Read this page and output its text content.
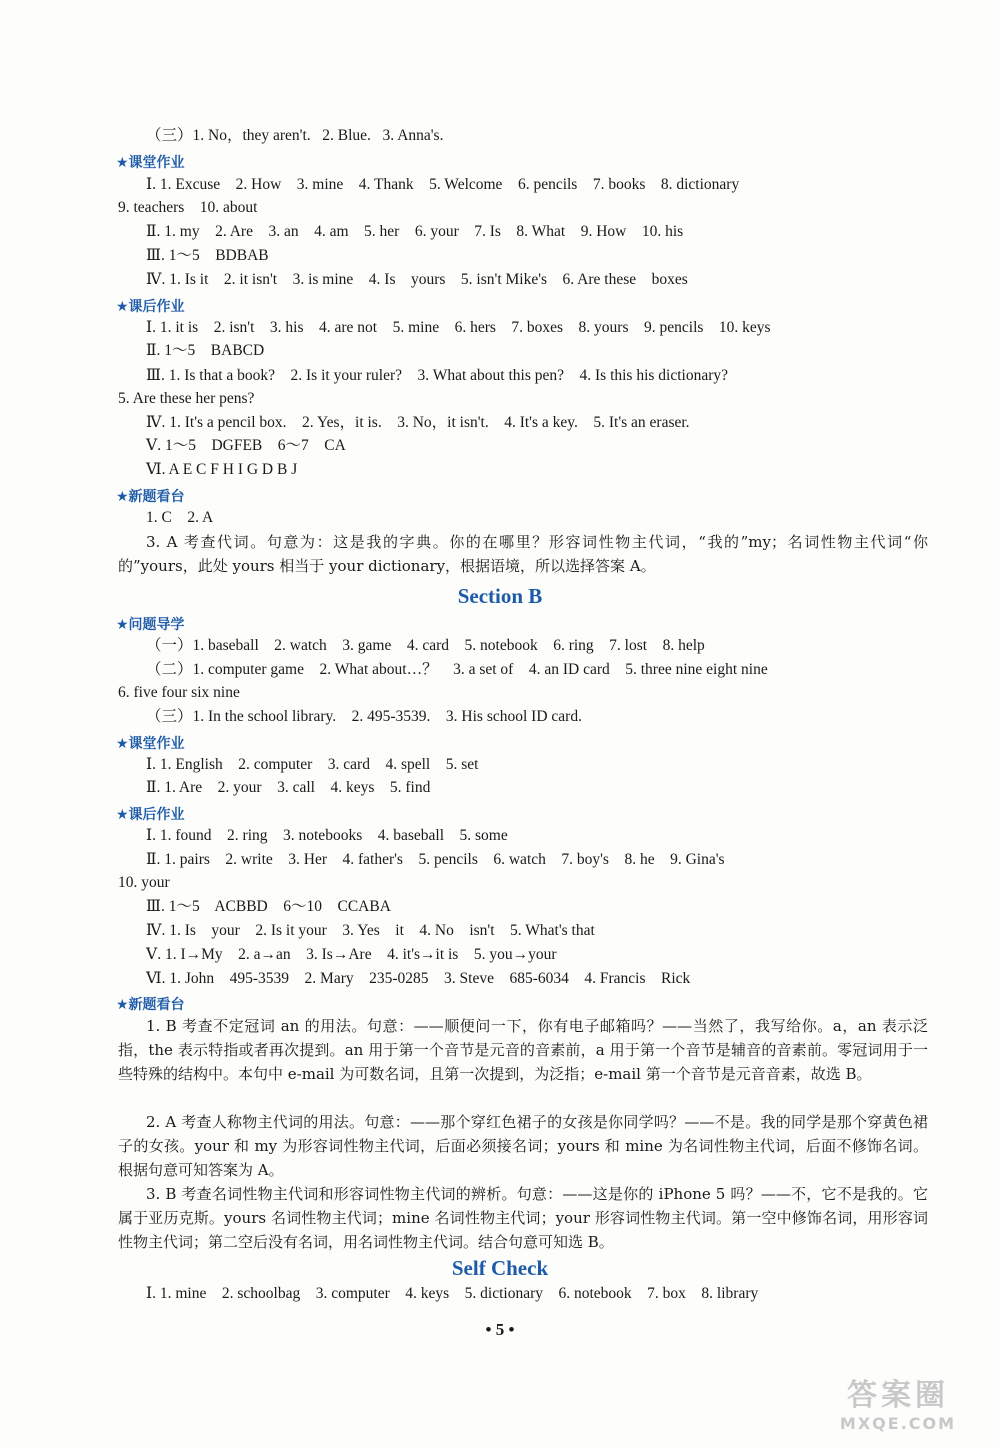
（三）1. No，they aren't.   2. Blue.   3. Anna's.
★课堂作业
Ⅰ. 1. Excuse    2. How    3. mine    4. Thank    5. Welcome    6. pencils    7. books    8. dictionary
9. teachers    10. about
Ⅱ. 1. my    2. Are    3. an    4. am    5. her    6. your    7. Is    8. What    9. How    10. his
Ⅲ. 1～5    BDBAB
Ⅳ. 1. Is it    2. it isn't    3. is mine    4. Is    yours    5. isn't Mike's    6. Are these    boxes
★课后作业
Ⅰ. 1. it is    2. isn't    3. his    4. are not    5. mine    6. hers    7. boxes    8. yours    9. pencils    10. keys
Ⅱ. 1～5    BABCD
Ⅲ. 1. Is that a book?    2. Is it your ruler?    3. What about this pen?    4. Is this his dictionary?
5. Are these her pens?
Ⅳ. 1. It's a pencil box.    2. Yes，it is.    3. No，it isn't.    4. It's a key.    5. It's an eraser.
Ⅴ. 1～5    DGFEB    6～7    CA
Ⅵ. A E C F H I G D B J
★新题看台
1. C    2. A
3. A 考查代词。句意为：这是我的字典。你的在哪里？形容词性物主代词，“我的”my；名词性物主代词“你的”yours，此处 yours 相当于 your dictionary，根据语境，所以选择答案 A。
Section B
★问题导学
（一）1. baseball    2. watch    3. game    4. card    5. notebook    6. ring    7. lost    8. help
（二）1. computer game    2. What about…？    3. a set of    4. an ID card    5. three nine eight nine
6. five four six nine
（三）1. In the school library.    2. 495-3539.    3. His school ID card.
★课堂作业
Ⅰ. 1. English    2. computer    3. card    4. spell    5. set
Ⅱ. 1. Are    2. your    3. call    4. keys    5. find
★课后作业
Ⅰ. 1. found    2. ring    3. notebooks    4. baseball    5. some
Ⅱ. 1. pairs    2. write    3. Her    4. father's    5. pencils    6. watch    7. boy's    8. he    9. Gina's
10. your
Ⅲ. 1～5    ACBBD    6～10    CCABA
Ⅳ. 1. Is    your    2. Is it your    3. Yes    it    4. No    isn't    5. What's that
Ⅴ. 1. I→My    2. a→an    3. Is→Are    4. it's→it is    5. you→your
Ⅵ. 1. John    495-3539    2. Mary    235-0285    3. Steve    685-6034    4. Francis    Rick
★新题看台
1. B 考查不定冠词 an 的用法。句意：——顺便问一下，你有电子邮箱吗？——当然了，我写给你。a，an 表示泛指，the 表示特指或者再次提到。an 用于第一个音节是元音的音素前，a 用于第一个音节是辅音的音素前。零冠词用于一些特殊的结构中。本句中 e-mail 为可数名词，且第一次提到，为泛指；e-mail 第一个音节是元音音素，故选 B。
2. A 考查人称物主代词的用法。句意：——那个穿红色裙子的女孩是你同学吗？——不是。我的同学是那个穿黄色裙子的女孩。your 和 my 为形容词性物主代词，后面必须接名词；yours 和 mine 为名词性物主代词，后面不修饰名词。根据句意可知答案为 A。
3. B 考查名词性物主代词和形容词性物主代词的辨析。句意：——这是你的 iPhone 5 吗？——不，它不是我的。它属于亚历克斯。yours 名词性物主代词；mine 名词性物主代词；your 形容词性物主代词。第一空中修饰名词，用形容词性物主代词；第二空后没有名词，用名词性物主代词。结合句意可知选 B。
Self Check
Ⅰ. 1. mine    2. schoolbag    3. computer    4. keys    5. dictionary    6. notebook    7. box    8. library
• 5 •
答案圈
MXQE.COM
